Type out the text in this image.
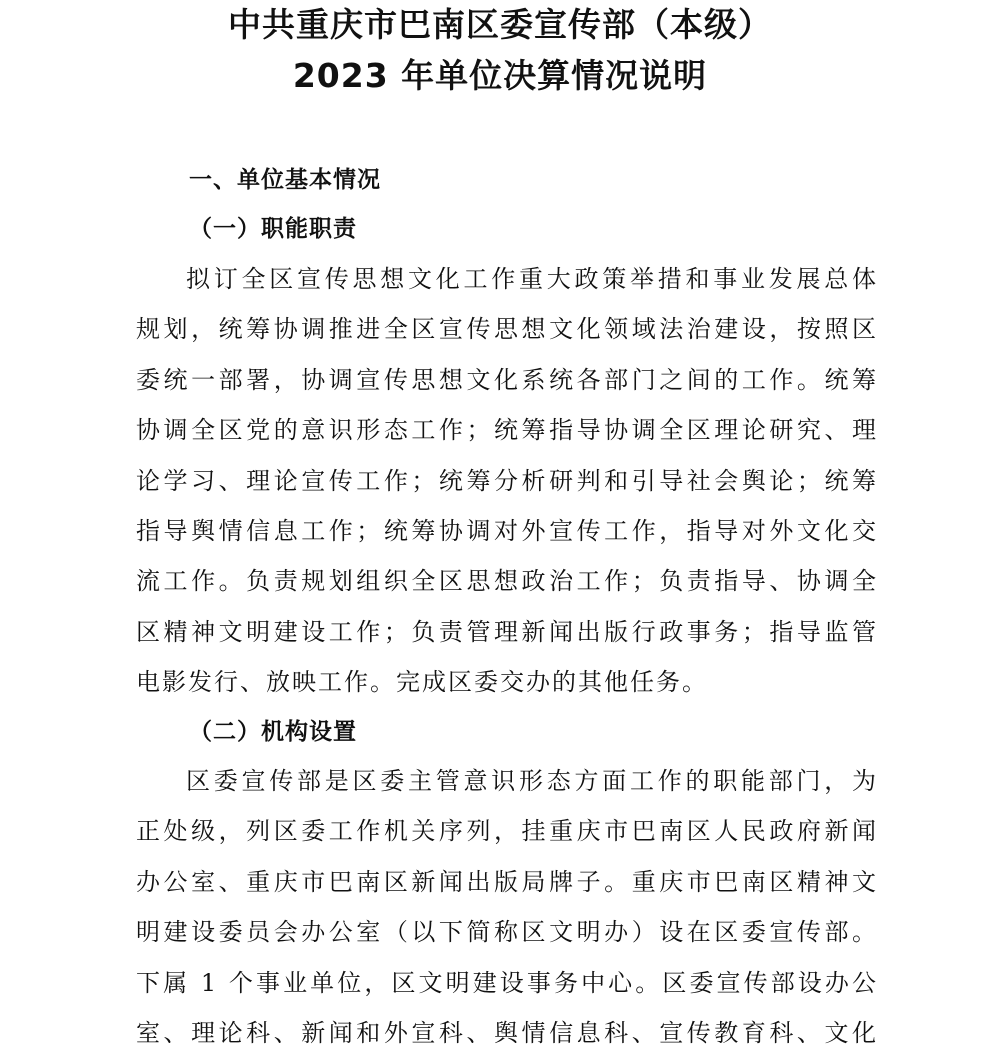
中共重庆市巴南区委宣传部（本级）
2023 年单位决算情况说明
一、单位基本情况
（一）职能职责
拟订全区宣传思想文化工作重大政策举措和事业发展总体
规划，统筹协调推进全区宣传思想文化领域法治建设，按照区
委统一部署，协调宣传思想文化系统各部门之间的工作。统筹
协调全区党的意识形态工作；统筹指导协调全区理论研究、理
论学习、理论宣传工作；统筹分析研判和引导社会舆论；统筹
指导舆情信息工作；统筹协调对外宣传工作，指导对外文化交
流工作。负责规划组织全区思想政治工作；负责指导、协调全
区精神文明建设工作；负责管理新闻出版行政事务；指导监管
电影发行、放映工作。完成区委交办的其他任务。
（二）机构设置
区委宣传部是区委主管意识形态方面工作的职能部门，为
正处级，列区委工作机关序列，挂重庆市巴南区人民政府新闻
办公室、重庆市巴南区新闻出版局牌子。重庆市巴南区精神文
明建设委员会办公室（以下简称区文明办）设在区委宣传部。
下属 1 个事业单位，区文明建设事务中心。区委宣传部设办公
室、理论科、新闻和外宣科、舆情信息科、宣传教育科、文化
